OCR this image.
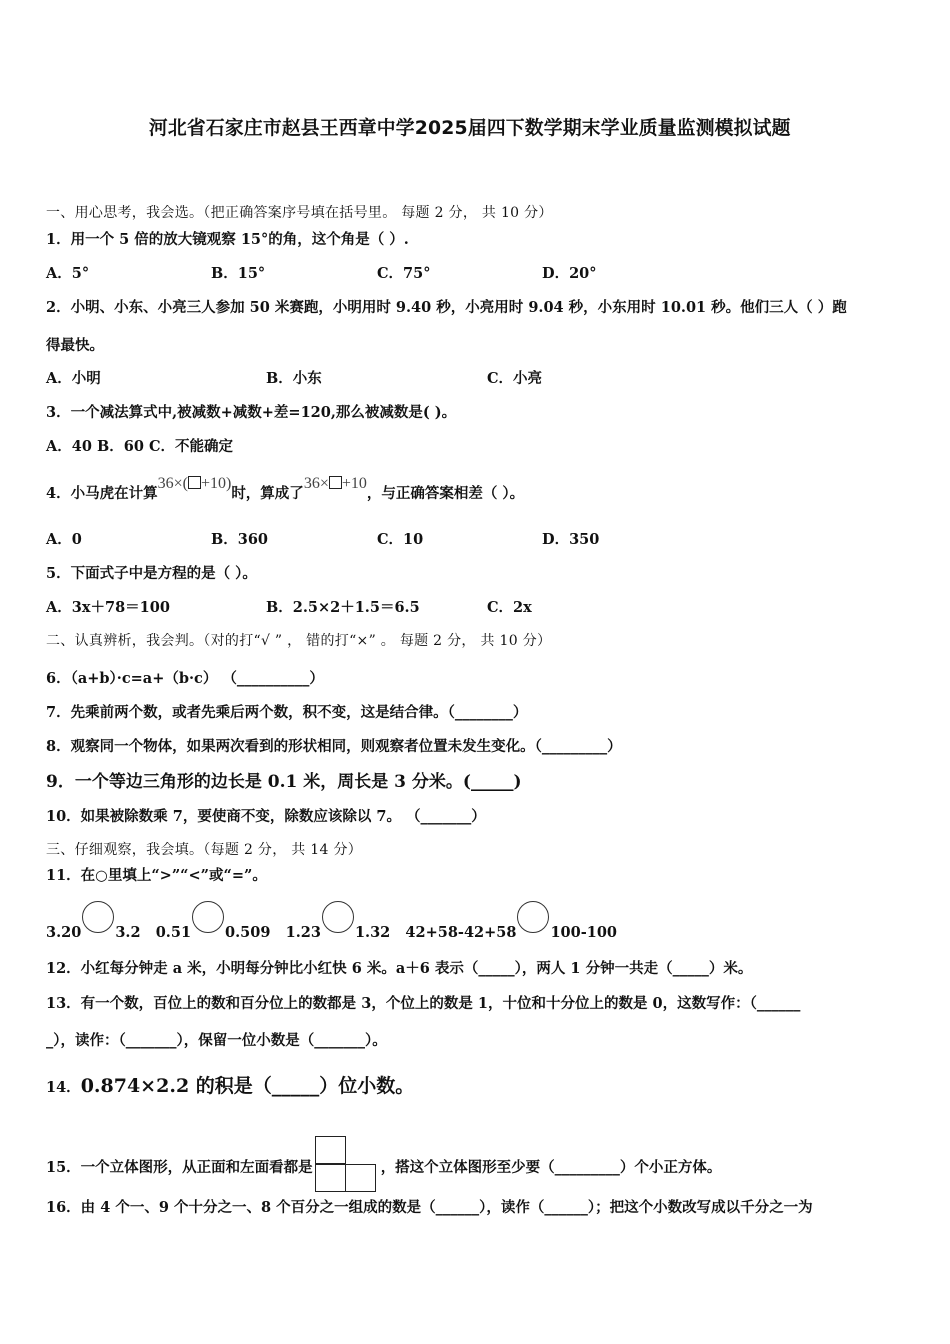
河北省石家庄市赵县王西章中学2025届四下数学期末学业质量监测模拟试题
一、用心思考，我会选。（把正确答案序号填在括号里。 每题 2 分， 共 10 分）
1．用一个 5 倍的放大镜观察 15°的角，这个角是（ ）.
A．5°	B．15°	C．75°	D．20°
2．小明、小东、小亮三人参加 50 米赛跑，小明用时 9.40 秒，小亮用时 9.04 秒，小东用时 10.01 秒。他们三人（ ）跑
得最快。
A．小明	B．小东	C．小亮
3．一个减法算式中,被减数+减数+差=120,那么被减数是( )。
A．40 B．60 C．不能确定
4．小马虎在计算36×( +10)时，算成了36× +10，与正确答案相差（ ）。
A．0	B．360	C．10	D．350
5．下面式子中是方程的是（ ）。
A．3x＋78＝100	B．2.5×2＋1.5＝6.5	C．2x
二、认真辨析，我会判。（对的打“√ ” ， 错的打“×” 。 每题 2 分， 共 10 分）
6．（a+b）·c=a+（b·c） （__________）
7．先乘前两个数，或者先乘后两个数，积不变，这是结合律。（________）
8．观察同一个物体，如果两次看到的形状相同，则观察者位置未发生变化。（_________）
9．一个等边三角形的边长是 0.1 米，周长是 3 分米。(_____)
10．如果被除数乘 7，要使商不变，除数应该除以 7。 （_______）
三、仔细观察，我会填。（每题 2 分， 共 14 分）
11．在○里填上“>”“<”或“=”。
3.20 3.2 0.51 0.509 1.23 1.32 42+58-42+58 100-100
12．小红每分钟走 a 米，小明每分钟比小红快 6 米。a＋6 表示（_____），两人 1 分钟一共走（_____）米。
13．有一个数，百位上的数和百分位上的数都是 3，个位上的数是 1，十位和十分位上的数是 0，这数写作：（______
_），读作：（_______），保留一位小数是（_______）。
14．0.874×2.2 的积是（_____）位小数。
15．一个立体图形，从正面和左面看都是	，搭这个立体图形至少要（_________）个小正方体。
16．由 4 个一、9 个十分之一、8 个百分之一组成的数是（______），读作（______）；把这个小数改写成以千分之一为
